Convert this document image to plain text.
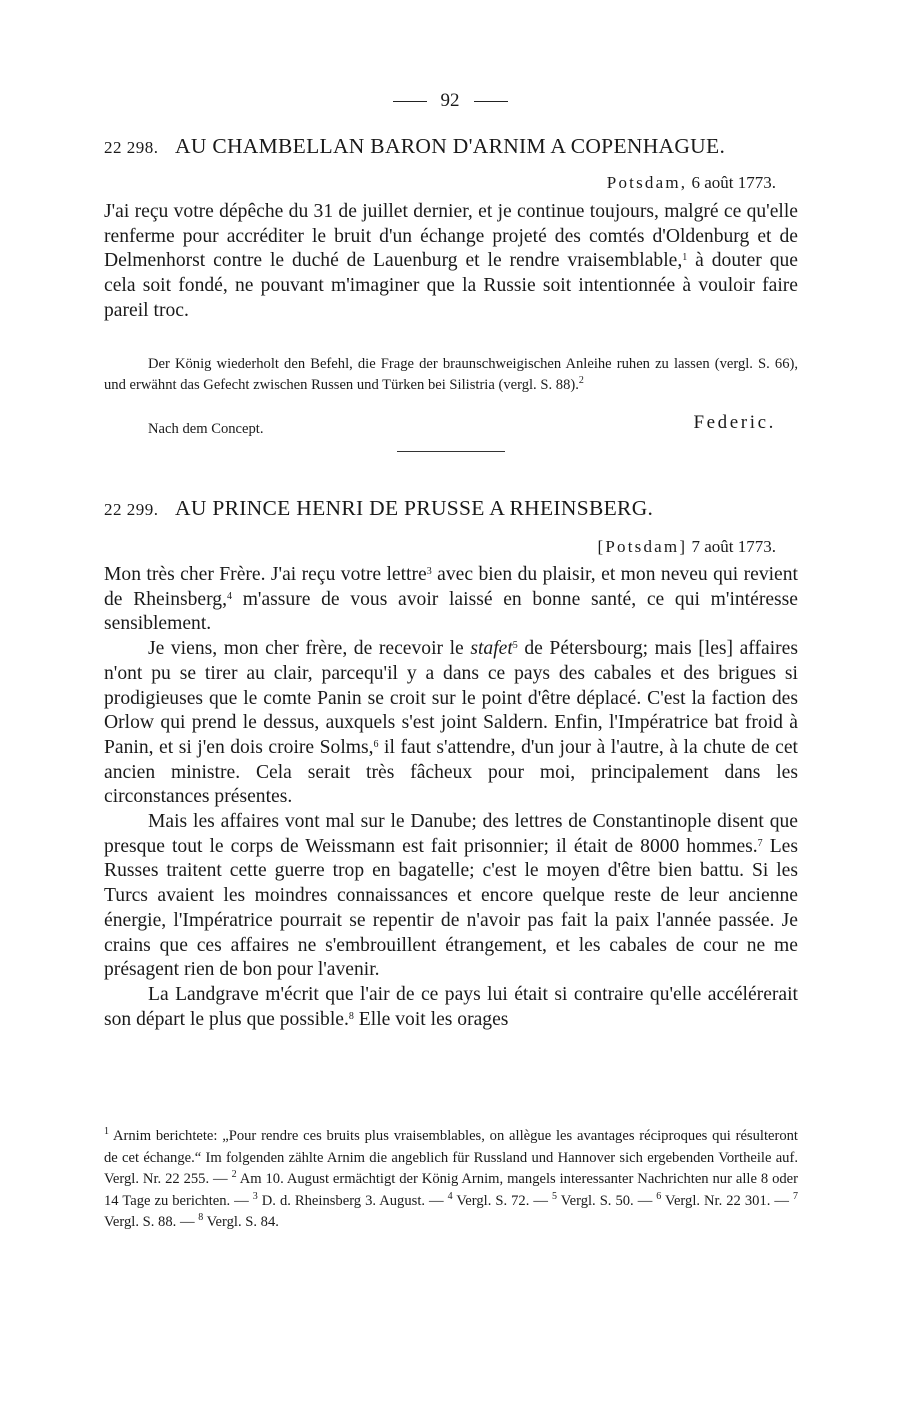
92
22 298. AU CHAMBELLAN BARON D'ARNIM A COPENHAGUE.
Potsdam, 6 août 1773.

J'ai reçu votre dépêche du 31 de juillet dernier, et je continue toujours, malgré ce qu'elle renferme pour accréditer le bruit d'un échange projeté des comtés d'Oldenburg et de Delmenhorst contre le duché de Lauenburg et le rendre vraisemblable,$^1$ à douter que cela soit fondé, ne pouvant m'imaginer que la Russie soit intentionnée à vouloir faire pareil troc.

Der König wiederholt den Befehl, die Frage der braunschweigischen Anleihe ruhen zu lassen (vergl. S. 66), und erwähnt das Gefecht zwischen Russen und Türken bei Silistria (vergl. S. 88).$^2$

Nach dem Concept.	Federic.
22 299. AU PRINCE HENRI DE PRUSSE A RHEINSBERG.
[Potsdam] 7 août 1773.

Mon très cher Frère. J'ai reçu votre lettre$^3$ avec bien du plaisir, et mon neveu qui revient de Rheinsberg,$^4$ m'assure de vous avoir laissé en bonne santé, ce qui m'intéresse sensiblement.

Je viens, mon cher frère, de recevoir le stafet$^5$ de Pétersbourg; mais [les] affaires n'ont pu se tirer au clair, parcequ'il y a dans ce pays des cabales et des brigues si prodigieuses que le comte Panin se croit sur le point d'être déplacé. C'est la faction des Orlow qui prend le dessus, auxquels s'est joint Saldern. Enfin, l'Impératrice bat froid à Panin, et si j'en dois croire Solms,$^6$ il faut s'attendre, d'un jour à l'autre, à la chute de cet ancien ministre. Cela serait très fâcheux pour moi, principalement dans les circonstances présentes.

Mais les affaires vont mal sur le Danube; des lettres de Constantinople disent que presque tout le corps de Weissmann est fait prisonnier; il était de 8000 hommes.$^7$ Les Russes traitent cette guerre trop en bagatelle; c'est le moyen d'être bien battu. Si les Turcs avaient les moindres connaissances et encore quelque reste de leur ancienne énergie, l'Impératrice pourrait se repentir de n'avoir pas fait la paix l'année passée. Je crains que ces affaires ne s'embrouillent étrangement, et les cabales de cour ne me présagent rien de bon pour l'avenir.

La Landgrave m'écrit que l'air de ce pays lui était si contraire qu'elle accélérerait son départ le plus que possible.$^8$ Elle voit les orages

$^1$ Arnim berichtete: „Pour rendre ces bruits plus vraisemblables, on allègue les avantages réciproques qui résulteront de cet échange.“ Im folgenden zählte Arnim die angeblich für Russland und Hannover sich ergebenden Vortheile auf. Vergl. Nr. 22 255. — $^2$ Am 10. August ermächtigt der König Arnim, mangels interessanter Nachrichten nur alle 8 oder 14 Tage zu berichten. — $^3$ D. d. Rheinsberg 3. August. — $^4$ Vergl. S. 72. — $^5$ Vergl. S. 50. — $^6$ Vergl. Nr. 22 301. — $^7$ Vergl. S. 88. — $^8$ Vergl. S. 84.
